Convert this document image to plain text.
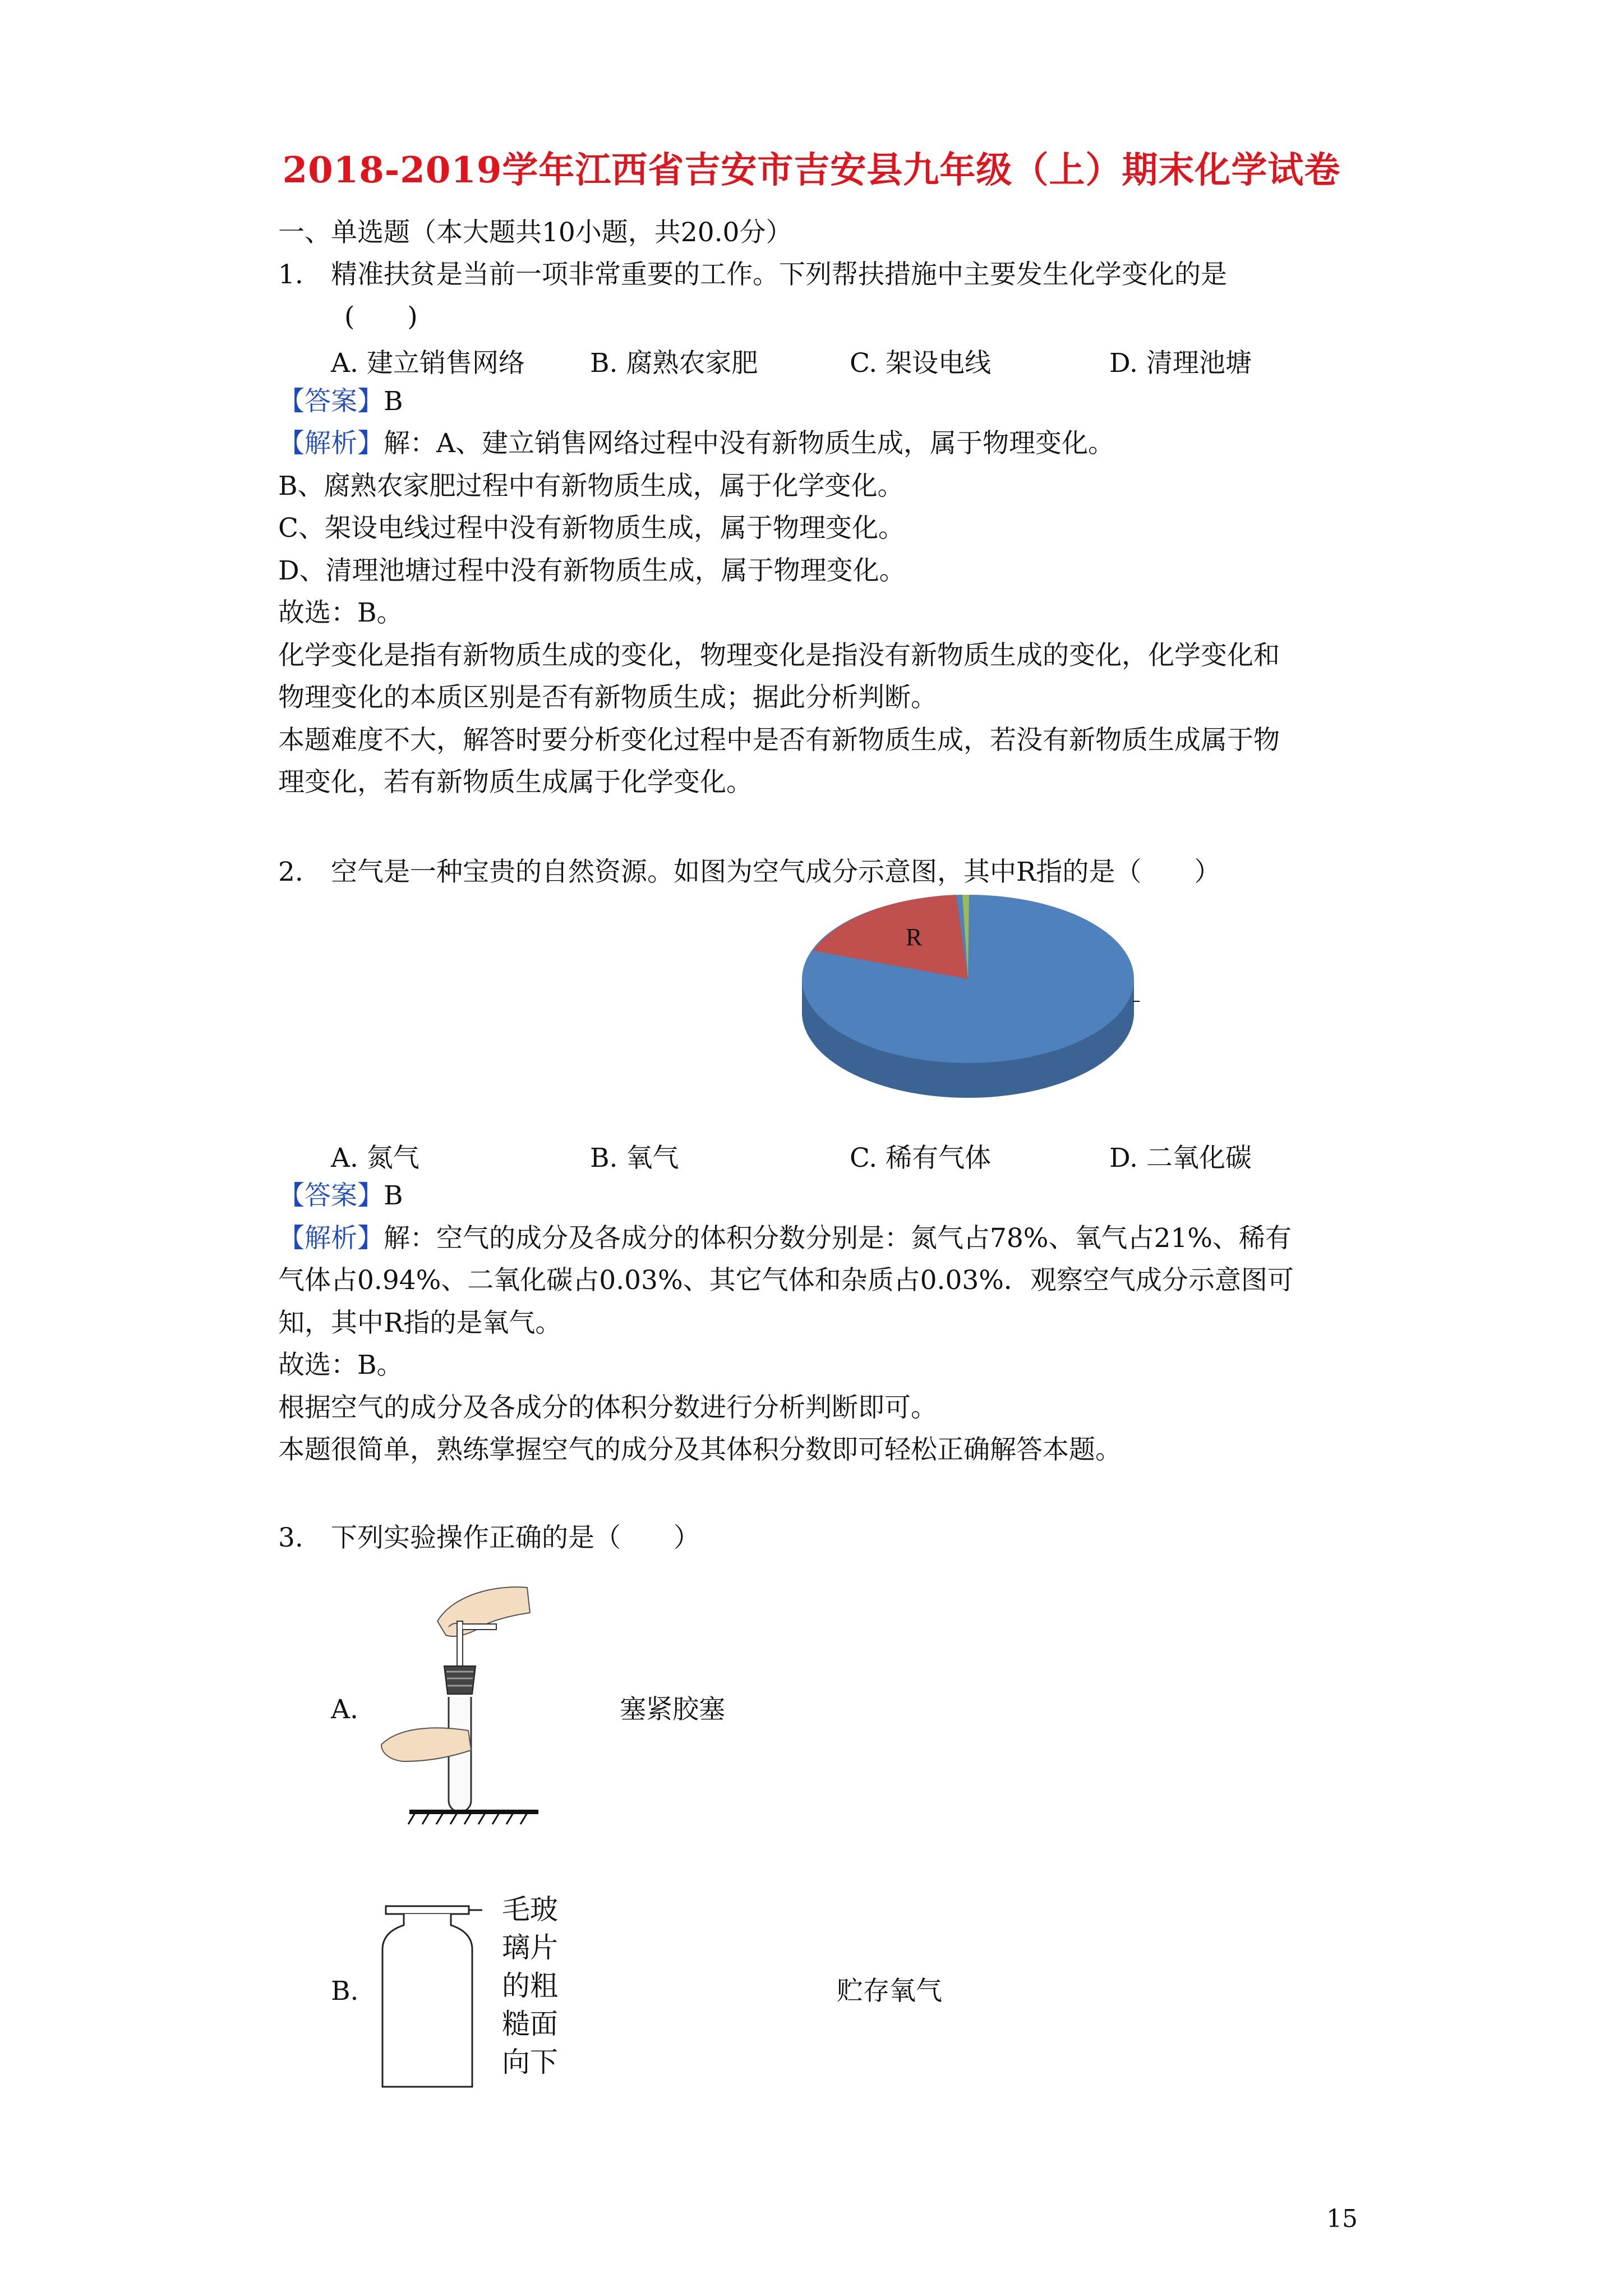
2018-2019学年江西省吉安市吉安县九年级（上）期末化学试卷
一、单选题（本大题共10小题，共20.0分）
1. 精准扶贫是当前一项非常重要的工作。下列帮扶措施中主要发生化学变化的是
(　　)
A. 建立销售网络 B. 腐熟农家肥	C. 架设电线	D. 清理池塘
【答案】B
【解析】解：A、建立销售网络过程中没有新物质生成，属于物理变化。
B、腐熟农家肥过程中有新物质生成，属于化学变化。
C、架设电线过程中没有新物质生成，属于物理变化。
D、清理池塘过程中没有新物质生成，属于物理变化。
故选：B。
化学变化是指有新物质生成的变化，物理变化是指没有新物质生成的变化，化学变化和
物理变化的本质区别是否有新物质生成；据此分析判断。
本题难度不大，解答时要分析变化过程中是否有新物质生成，若没有新物质生成属于物
理变化，若有新物质生成属于化学变化。
2. 空气是一种宝贵的自然资源。如图为空气成分示意图，其中R指的是（　　）
R
A. 氮气	B. 氧气	C. 稀有气体	D. 二氧化碳
【答案】B
【解析】解：空气的成分及各成分的体积分数分别是：氮气占78%、氧气占21%、稀有
气体占0.94%、二氧化碳占0.03%、其它气体和杂质占0.03%．观察空气成分示意图可
知，其中R指的是氧气。
故选：B。
根据空气的成分及各成分的体积分数进行分析判断即可。
本题很简单，熟练掌握空气的成分及其体积分数即可轻松正确解答本题。
3. 下列实验操作正确的是（　　）
A.	塞紧胶塞
B.
毛玻
璃片
的粗
糙面
向下
贮存氧气
15
